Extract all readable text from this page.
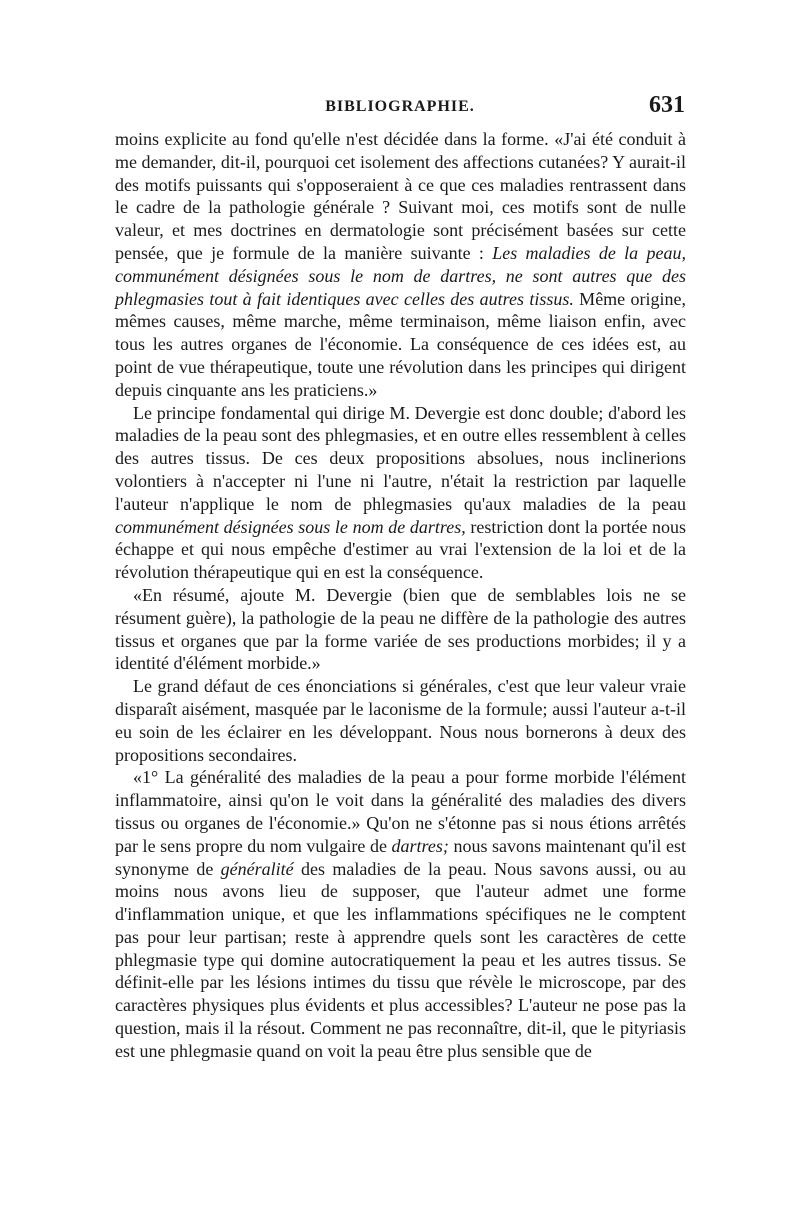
BIBLIOGRAPHIE.	631

moins explicite au fond qu'elle n'est décidée dans la forme. «J'ai été conduit à me demander, dit-il, pourquoi cet isolement des affections cutanées? Y aurait-il des motifs puissants qui s'opposeraient à ce que ces maladies rentrassent dans le cadre de la pathologie générale ? Suivant moi, ces motifs sont de nulle valeur, et mes doctrines en dermatologie sont précisément basées sur cette pensée, que je formule de la manière suivante : Les maladies de la peau, communément désignées sous le nom de dartres, ne sont autres que des phlegmasies tout à fait identiques avec celles des autres tissus. Même origine, mêmes causes, même marche, même terminaison, même liaison enfin, avec tous les autres organes de l'économie. La conséquence de ces idées est, au point de vue thérapeutique, toute une révolution dans les principes qui dirigent depuis cinquante ans les praticiens.»

Le principe fondamental qui dirige M. Devergie est donc double; d'abord les maladies de la peau sont des phlegmasies, et en outre elles ressemblent à celles des autres tissus. De ces deux propositions absolues, nous inclinerions volontiers à n'accepter ni l'une ni l'autre, n'était la restriction par laquelle l'auteur n'applique le nom de phlegmasies qu'aux maladies de la peau communément désignées sous le nom de dartres, restriction dont la portée nous échappe et qui nous empêche d'estimer au vrai l'extension de la loi et de la révolution thérapeutique qui en est la conséquence.

«En résumé, ajoute M. Devergie (bien que de semblables lois ne se résument guère), la pathologie de la peau ne diffère de la pathologie des autres tissus et organes que par la forme variée de ses productions morbides; il y a identité d'élément morbide.»

Le grand défaut de ces énonciations si générales, c'est que leur valeur vraie disparaît aisément, masquée par le laconisme de la formule; aussi l'auteur a-t-il eu soin de les éclairer en les développant. Nous nous bornerons à deux des propositions secondaires.

«1° La généralité des maladies de la peau a pour forme morbide l'élément inflammatoire, ainsi qu'on le voit dans la généralité des maladies des divers tissus ou organes de l'économie.» Qu'on ne s'étonne pas si nous étions arrêtés par le sens propre du nom vulgaire de dartres; nous savons maintenant qu'il est synonyme de généralité des maladies de la peau. Nous savons aussi, ou au moins nous avons lieu de supposer, que l'auteur admet une forme d'inflammation unique, et que les inflammations spécifiques ne le comptent pas pour leur partisan; reste à apprendre quels sont les caractères de cette phlegmasie type qui domine autocratiquement la peau et les autres tissus. Se définit-elle par les lésions intimes du tissu que révèle le microscope, par des caractères physiques plus évidents et plus accessibles? L'auteur ne pose pas la question, mais il la résout. Comment ne pas reconnaître, dit-il, que le pityriasis est une phlegmasie quand on voit la peau être plus sensible que de
